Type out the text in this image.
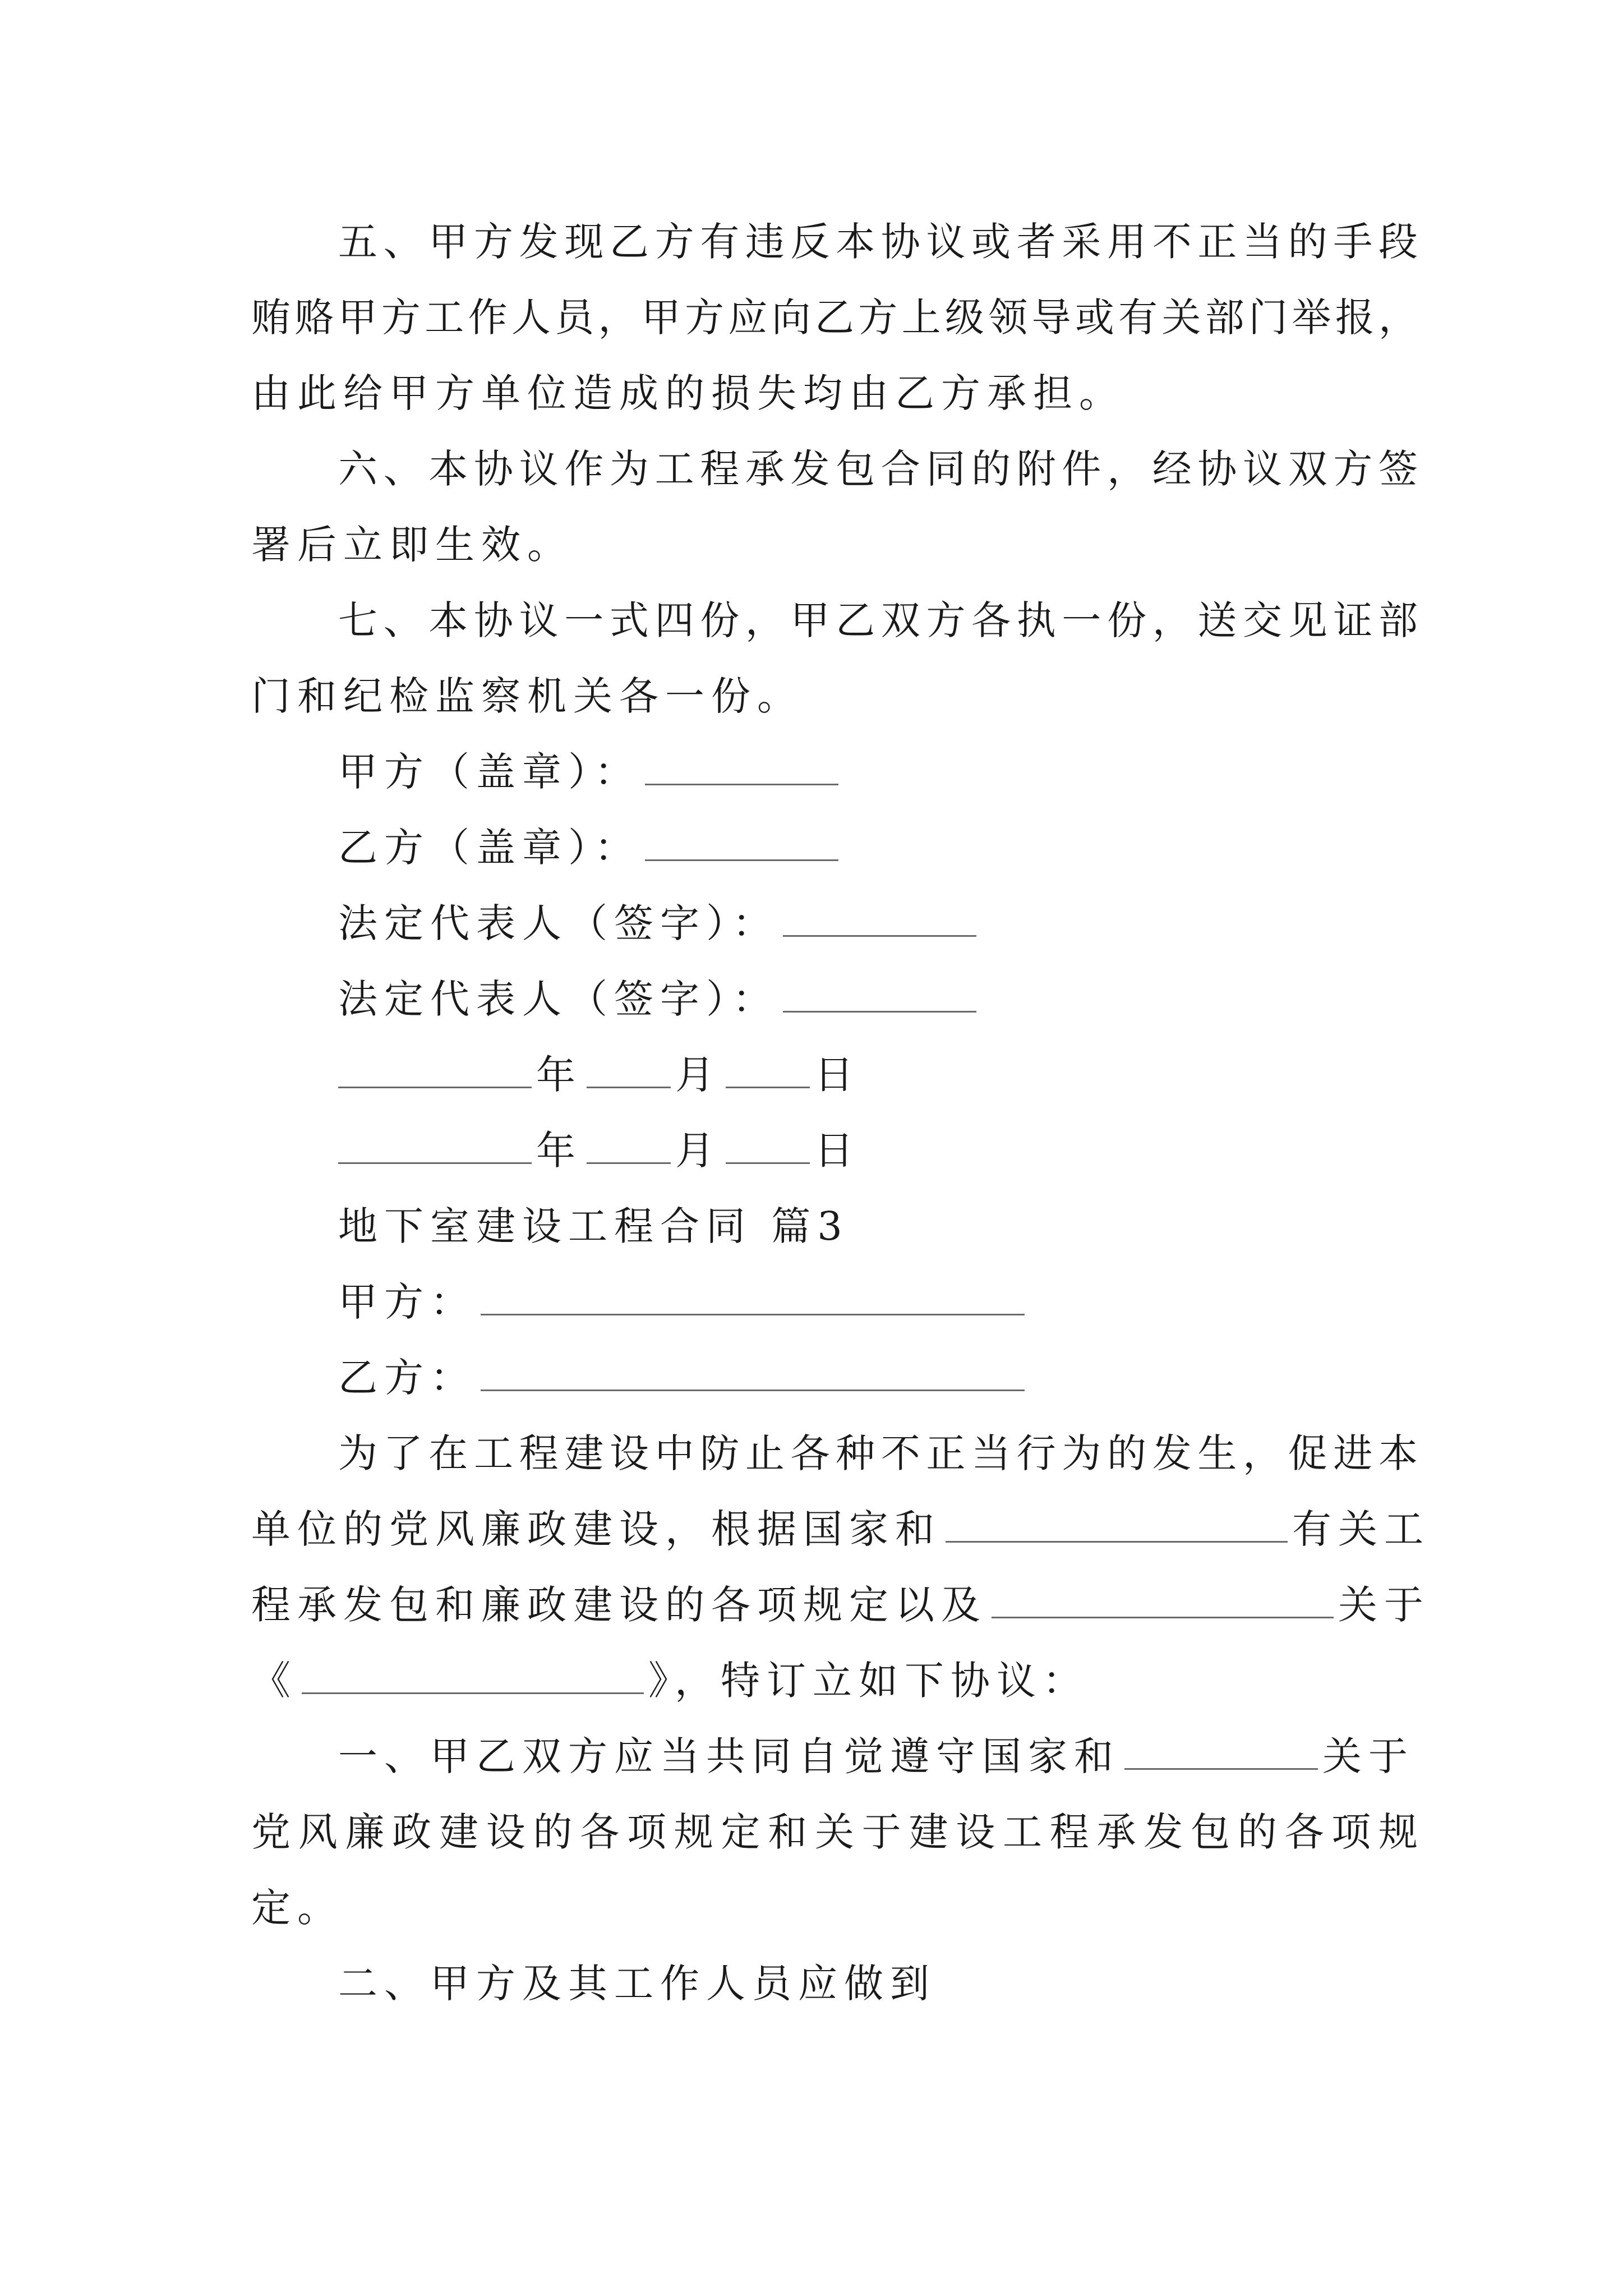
五、甲方发现乙方有违反本协议或者采用不正当的手段
贿赂甲方工作人员，甲方应向乙方上级领导或有关部门举报，
由此给甲方单位造成的损失均由乙方承担。
六、本协议作为工程承发包合同的附件，经协议双方签
署后立即生效。
七、本协议一式四份，甲乙双方各执一份，送交见证部
门和纪检监察机关各一份。
甲方（盖章）：
乙方（盖章）：
法定代表人（签字）：
法定代表人（签字）：
年 月 日
年 月 日
地下室建设工程合同 篇3
甲方：
乙方：
为了在工程建设中防止各种不正当行为的发生，促进本
单位的党风廉政建设，根据国家和	有关工
程承发包和廉政建设的各项规定以及	关于
《	》，特订立如下协议：
一、甲乙双方应当共同自觉遵守国家和	关于
党风廉政建设的各项规定和关于建设工程承发包的各项规
定。
二、甲方及其工作人员应做到
